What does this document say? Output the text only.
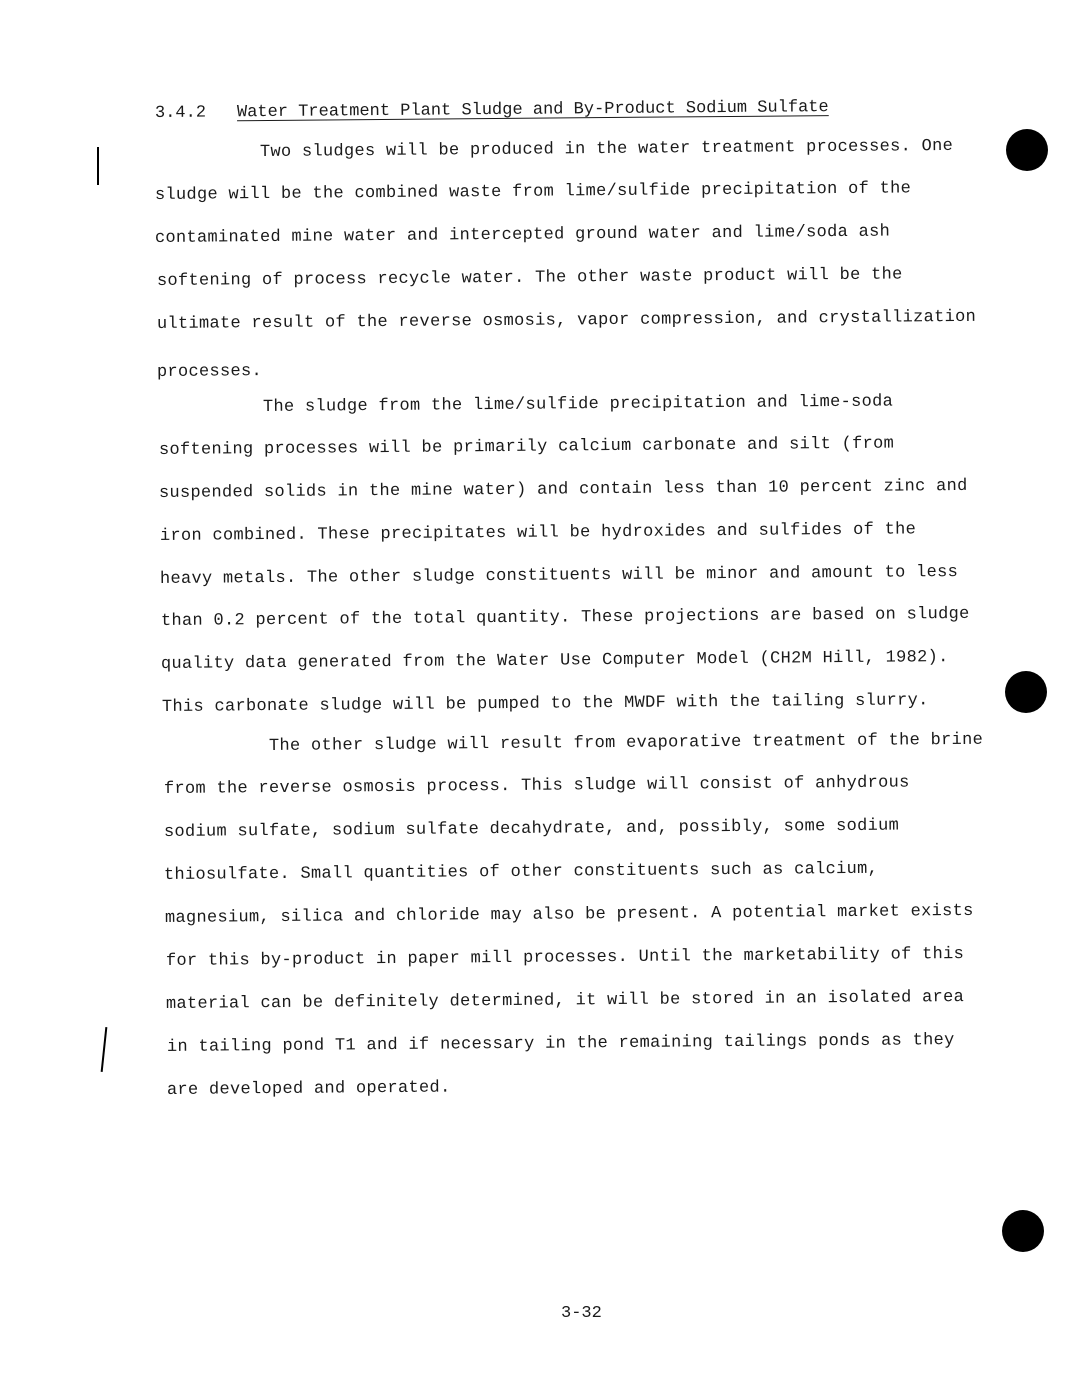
3.4.2 Water Treatment Plant Sludge and By-Product Sodium Sulfate
Two sludges will be produced in the water treatment processes. One
sludge will be the combined waste from lime/sulfide precipitation of the
contaminated mine water and intercepted ground water and lime/soda ash
softening of process recycle water. The other waste product will be the
ultimate result of the reverse osmosis, vapor compression, and crystallization
processes.
The sludge from the lime/sulfide precipitation and lime-soda
softening processes will be primarily calcium carbonate and silt (from
suspended solids in the mine water) and contain less than 10 percent zinc and
iron combined. These precipitates will be hydroxides and sulfides of the
heavy metals. The other sludge constituents will be minor and amount to less
than 0.2 percent of the total quantity. These projections are based on sludge
quality data generated from the Water Use Computer Model (CH2M Hill, 1982).
This carbonate sludge will be pumped to the MWDF with the tailing slurry.
The other sludge will result from evaporative treatment of the brine
from the reverse osmosis process. This sludge will consist of anhydrous
sodium sulfate, sodium sulfate decahydrate, and, possibly, some sodium
thiosulfate. Small quantities of other constituents such as calcium,
magnesium, silica and chloride may also be present. A potential market exists
for this by-product in paper mill processes. Until the marketability of this
material can be definitely determined, it will be stored in an isolated area
in tailing pond T1 and if necessary in the remaining tailings ponds as they
are developed and operated.
3-32
